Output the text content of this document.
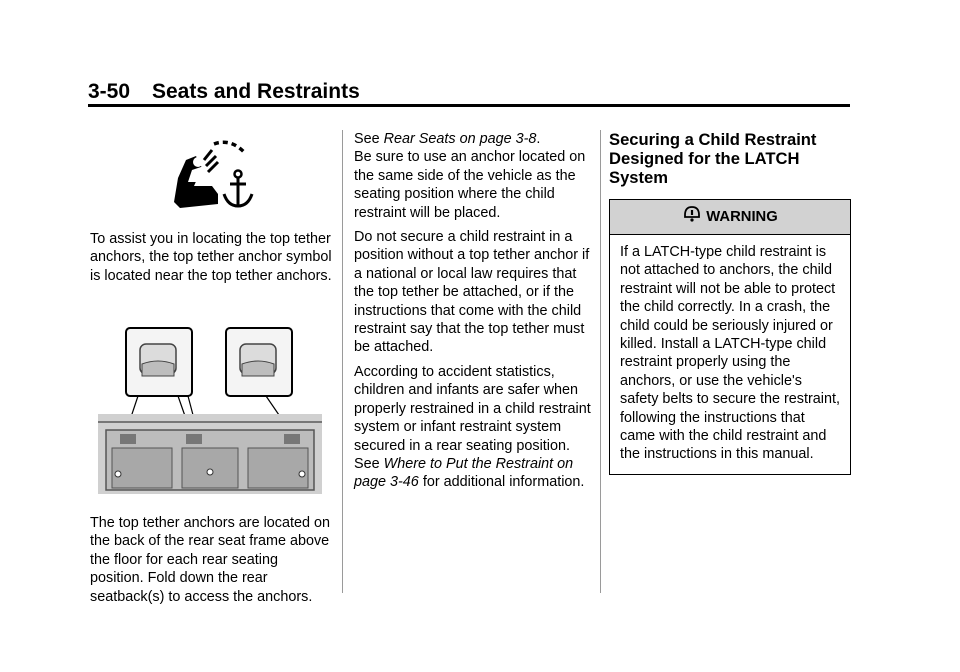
3-50 Seats and Restraints

To assist you in locating the top tether anchors, the top tether anchor symbol is located near the top tether anchors.

The top tether anchors are located on the back of the rear seat frame above the floor for each rear seating position. Fold down the rear seatback(s) to access the anchors.

See Rear Seats on page 3-8.

Be sure to use an anchor located on the same side of the vehicle as the seating position where the child restraint will be placed.

Do not secure a child restraint in a position without a top tether anchor if a national or local law requires that the top tether be attached, or if the instructions that come with the child restraint say that the top tether must be attached.

According to accident statistics, children and infants are safer when properly restrained in a child restraint system or infant restraint system secured in a rear seating position. See Where to Put the Restraint on page 3-46 for additional information.

Securing a Child Restraint Designed for the LATCH System
WARNING
If a LATCH-type child restraint is not attached to anchors, the child restraint will not be able to protect the child correctly. In a crash, the child could be seriously injured or killed. Install a LATCH-type child restraint properly using the anchors, or use the vehicle's safety belts to secure the restraint, following the instructions that came with the child restraint and the instructions in this manual.
